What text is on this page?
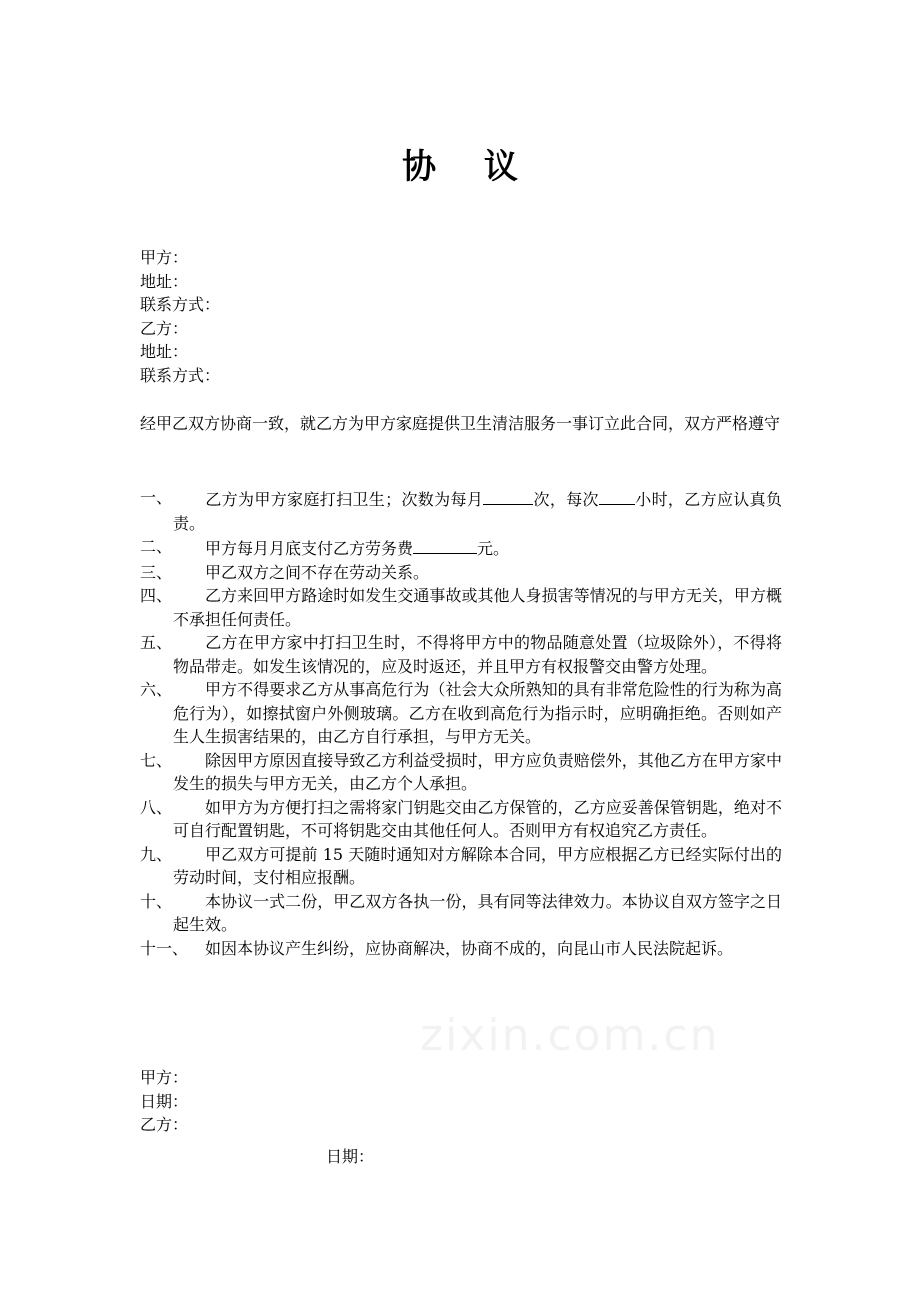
zixin.com.cn
协 议
甲方：
地址：
联系方式：
乙方：
地址：
联系方式：
经甲乙双方协商一致，就乙方为甲方家庭提供卫生清洁服务一事订立此合同，双方严格遵守
一、	乙方为甲方家庭打扫卫生；次数为每月	次，每次 小时，乙方应认真负责。
二、	甲方每月月底支付乙方劳务费	元。
三、	甲乙双方之间不存在劳动关系。
四、	乙方来回甲方路途时如发生交通事故或其他人身损害等情况的与甲方无关，甲方概不承担任何责任。
五、	乙方在甲方家中打扫卫生时，不得将甲方中的物品随意处置（垃圾除外），不得将物品带走。如发生该情况的，应及时返还，并且甲方有权报警交由警方处理。
六、	甲方不得要求乙方从事高危行为（社会大众所熟知的具有非常危险性的行为称为高危行为），如擦拭窗户外侧玻璃。乙方在收到高危行为指示时，应明确拒绝。否则如产生人生损害结果的，由乙方自行承担，与甲方无关。
七、	除因甲方原因直接导致乙方利益受损时，甲方应负责赔偿外，其他乙方在甲方家中发生的损失与甲方无关，由乙方个人承担。
八、	如甲方为方便打扫之需将家门钥匙交由乙方保管的，乙方应妥善保管钥匙，绝对不可自行配置钥匙，不可将钥匙交由其他任何人。否则甲方有权追究乙方责任。
九、	甲乙双方可提前 15 天随时通知对方解除本合同，甲方应根据乙方已经实际付出的劳动时间，支付相应报酬。
十、	本协议一式二份，甲乙双方各执一份，具有同等法律效力。本协议自双方签字之日起生效。
十一、	如因本协议产生纠纷，应协商解决，协商不成的，向昆山市人民法院起诉。
甲方：
日期：
乙方：
日期：
